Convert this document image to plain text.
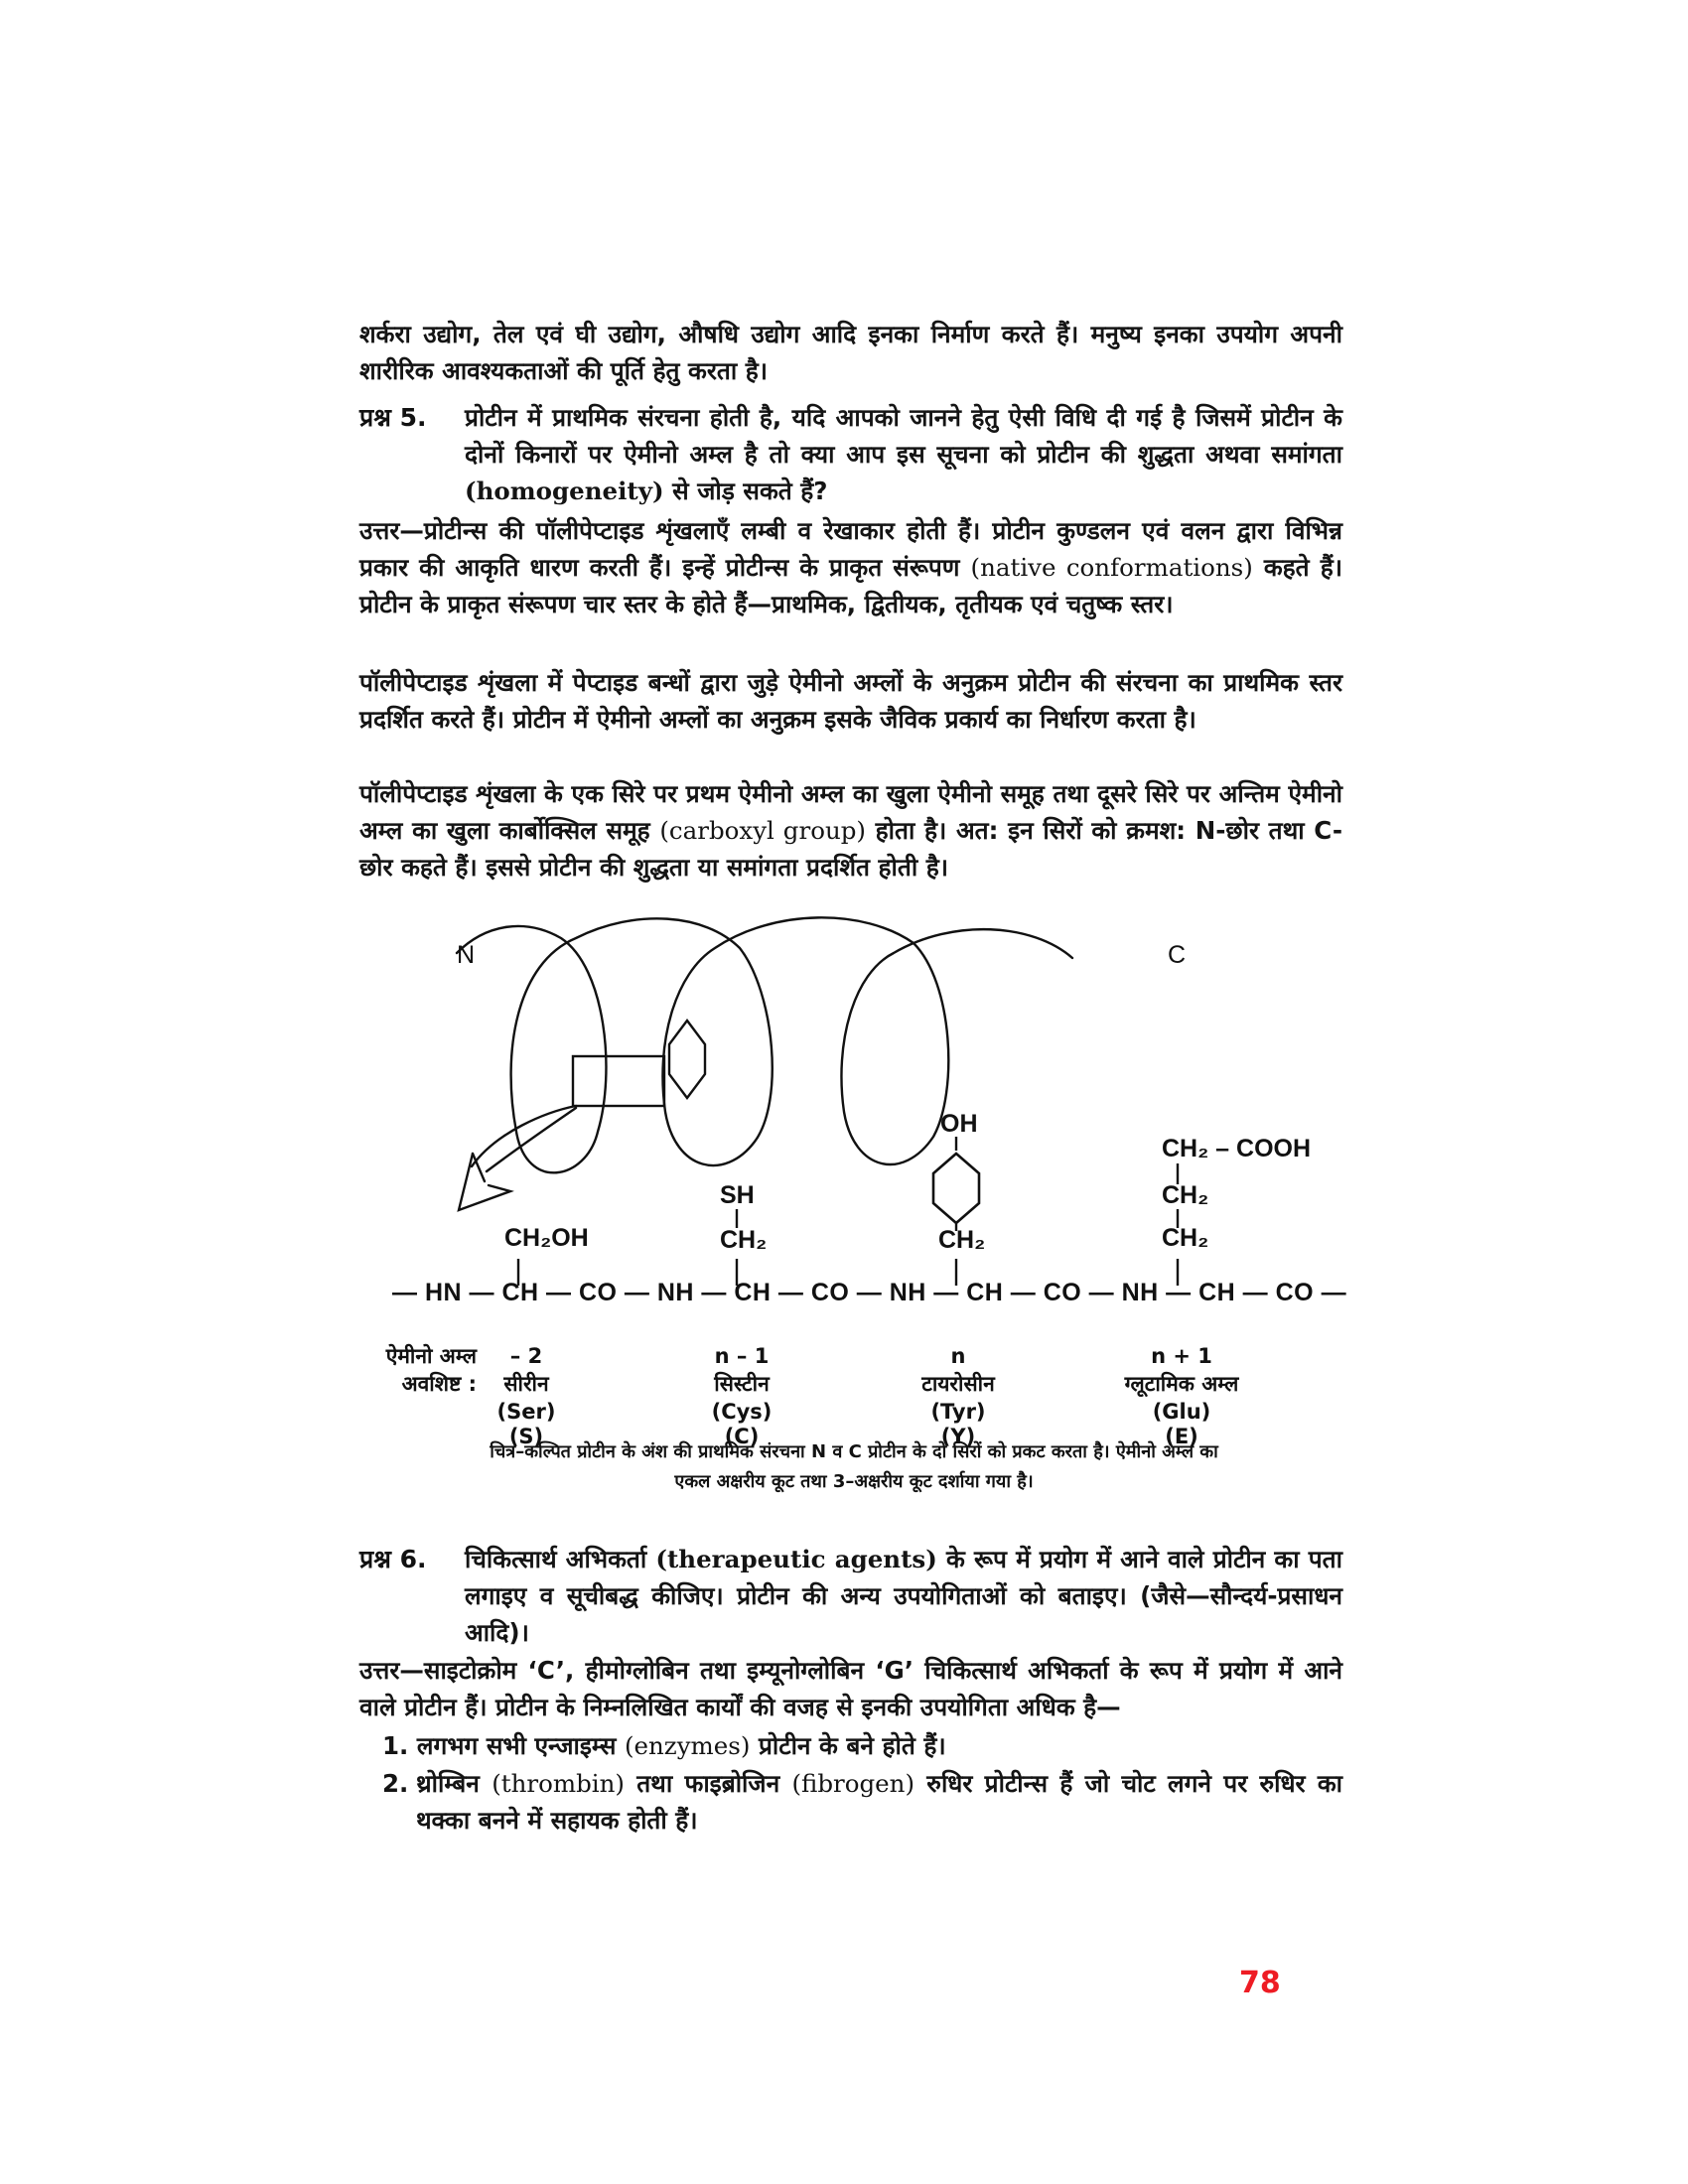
शर्करा उद्योग, तेल एवं घी उद्योग, औषधि उद्योग आदि इनका निर्माण करते हैं। मनुष्य इनका उपयोग अपनी शारीरिक आवश्यकताओं की पूर्ति हेतु करता है।
प्रश्न 5. प्रोटीन में प्राथमिक संरचना होती है, यदि आपको जानने हेतु ऐसी विधि दी गई है जिसमें प्रोटीन के दोनों किनारों पर ऐमीनो अम्ल है तो क्या आप इस सूचना को प्रोटीन की शुद्धता अथवा समांगता (homogeneity) से जोड़ सकते हैं?
उत्तर—प्रोटीन्स की पॉलीपेप्टाइड शृंखलाएँ लम्बी व रेखाकार होती हैं। प्रोटीन कुण्डलन एवं वलन द्वारा विभिन्न प्रकार की आकृति धारण करती हैं। इन्हें प्रोटीन्स के प्राकृत संरूपण (native conformations) कहते हैं। प्रोटीन के प्राकृत संरूपण चार स्तर के होते हैं—प्राथमिक, द्वितीयक, तृतीयक एवं चतुष्क स्तर।
पॉलीपेप्टाइड शृंखला में पेप्टाइड बन्धों द्वारा जुड़े ऐमीनो अम्लों के अनुक्रम प्रोटीन की संरचना का प्राथमिक स्तर प्रदर्शित करते हैं। प्रोटीन में ऐमीनो अम्लों का अनुक्रम इसके जैविक प्रकार्य का निर्धारण करता है।
पॉलीपेप्टाइड शृंखला के एक सिरे पर प्रथम ऐमीनो अम्ल का खुला ऐमीनो समूह तथा दूसरे सिरे पर अन्तिम ऐमीनो अम्ल का खुला कार्बोक्सिल समूह (carboxyl group) होता है। अत: इन सिरों को क्रमश: N-छोर तथा C-छोर कहते हैं। इससे प्रोटीन की शुद्धता या समांगता प्रदर्शित होती है।
N	C
CH₂OH
SH
CH₂
OH
CH₂
CH₂ – COOH
CH₂
CH₂
— HN — CH — CO — NH — CH — CO — NH — CH — CO — NH — CH — CO —
ऐमीनो अम्ल
अवशिष्ट :
– 2
सीरीन
(Ser)
(S)
n – 1
सिस्टीन
(Cys)
(C)
n
टायरोसीन
(Tyr)
(Y)
n + 1
ग्लूटामिक अम्ल
(Glu)
(E)
चित्र–कल्पित प्रोटीन के अंश की प्राथमिक संरचना N व C प्रोटीन के दो सिरों को प्रकट करता है। ऐमीनो अम्ल का
एकल अक्षरीय कूट तथा 3–अक्षरीय कूट दर्शाया गया है।
प्रश्न 6. चिकित्सार्थ अभिकर्ता (therapeutic agents) के रूप में प्रयोग में आने वाले प्रोटीन का पता लगाइए व सूचीबद्ध कीजिए। प्रोटीन की अन्य उपयोगिताओं को बताइए। (जैसे—सौन्दर्य-प्रसाधन आदि)।
उत्तर—साइटोक्रोम ‘C’, हीमोग्लोबिन तथा इम्यूनोग्लोबिन ‘G’ चिकित्सार्थ अभिकर्ता के रूप में प्रयोग में आने वाले प्रोटीन हैं। प्रोटीन के निम्नलिखित कार्यों की वजह से इनकी उपयोगिता अधिक है—
1. लगभग सभी एन्जाइम्स (enzymes) प्रोटीन के बने होते हैं।
2. थ्रोम्बिन (thrombin) तथा फाइब्रोजिन (fibrogen) रुधिर प्रोटीन्स हैं जो चोट लगने पर रुधिर का थक्का बनने में सहायक होती हैं।
78
